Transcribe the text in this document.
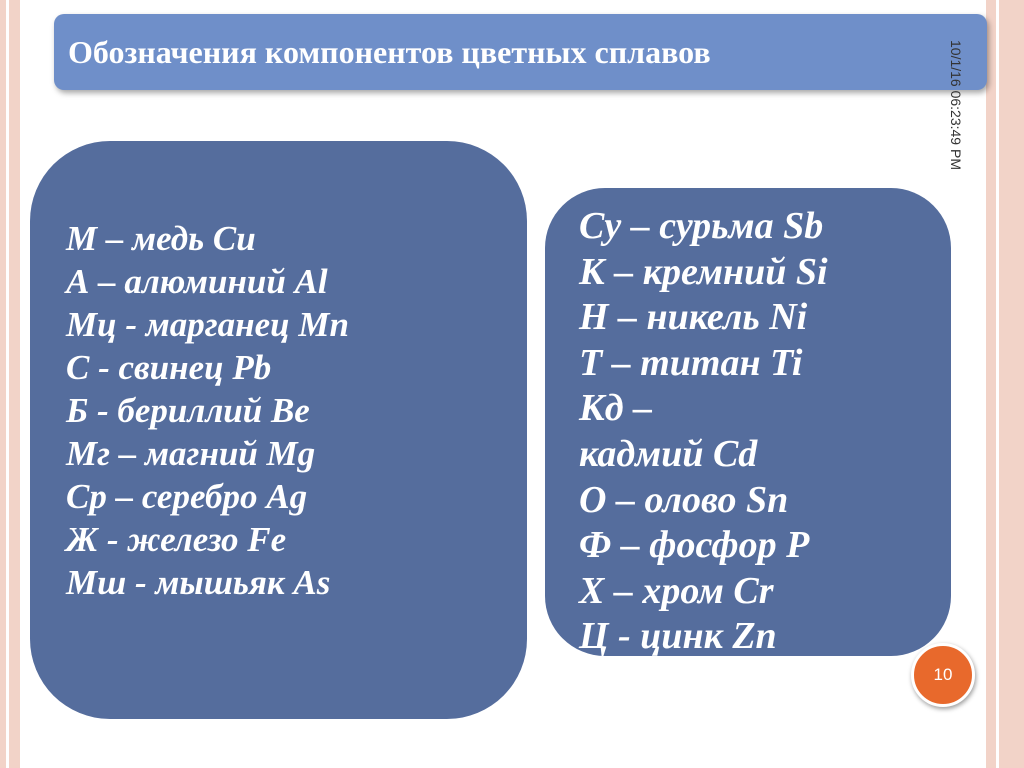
Обозначения компонентов цветных сплавов	10/1/16 06:23:49 PM
М – медь Cu
А – алюминий Al
Мц - марганец Mn
С - свинец Pb
Б - бериллий Be
Мг – магний Mg
Ср – серебро Ag
Ж - железо Fe
Мш - мышьяк As
Су – сурьма Sb
К – кремний Si
Н – никель Ni
Т – титан Ti
Кд –
кадмий Cd
О – олово Sn
Ф – фосфор P
Х – хром Cr
Ц - цинк Zn
10
